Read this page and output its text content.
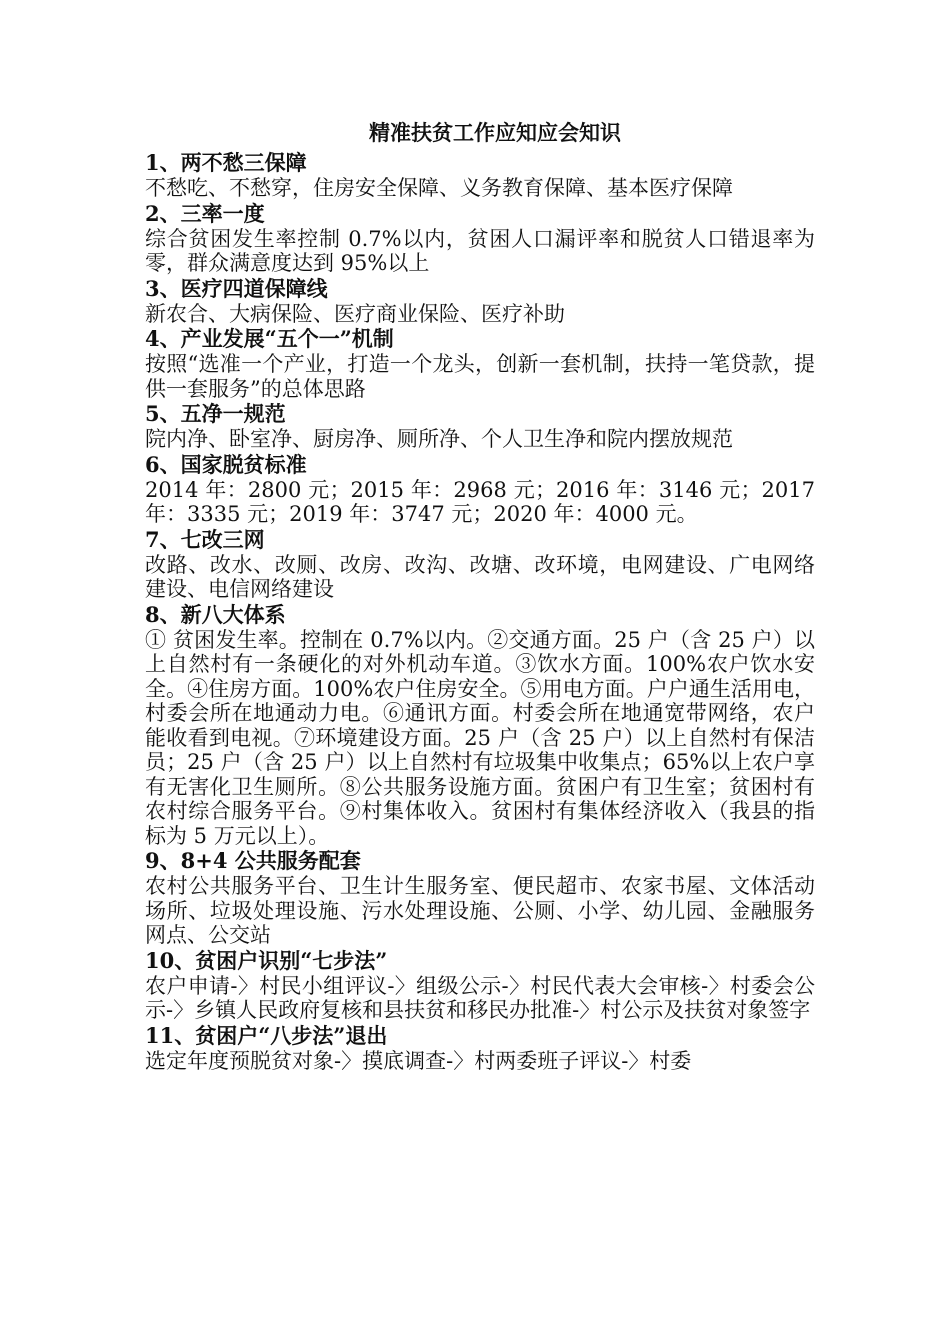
精准扶贫工作应知应会知识
1、两不愁三保障
不愁吃、不愁穿，住房安全保障、义务教育保障、基本医疗保障
2、三率一度
综合贫困发生率控制 0.7%以内，贫困人口漏评率和脱贫人口错退率为零，群众满意度达到 95%以上
3、医疗四道保障线
新农合、大病保险、医疗商业保险、医疗补助
4、产业发展“五个一”机制
按照“选准一个产业，打造一个龙头，创新一套机制，扶持一笔贷款，提供一套服务”的总体思路
5、五净一规范
院内净、卧室净、厨房净、厕所净、个人卫生净和院内摆放规范
6、国家脱贫标准
2014 年：2800 元；2015 年：2968 元；2016 年：3146 元；2017 年：3335 元；2019 年：3747 元；2020 年：4000 元。
7、七改三网
改路、改水、改厕、改房、改沟、改塘、改环境，电网建设、广电网络建设、电信网络建设
8、新八大体系
① 贫困发生率。控制在 0.7%以内。②交通方面。25 户（含 25 户）以上自然村有一条硬化的对外机动车道。③饮水方面。100%农户饮水安全。④住房方面。100%农户住房安全。⑤用电方面。户户通生活用电，村委会所在地通动力电。⑥通讯方面。村委会所在地通宽带网络，农户能收看到电视。⑦环境建设方面。25 户（含 25 户）以上自然村有保洁员；25 户（含 25 户）以上自然村有垃圾集中收集点；65%以上农户享有无害化卫生厕所。⑧公共服务设施方面。贫困户有卫生室；贫困村有农村综合服务平台。⑨村集体收入。贫困村有集体经济收入（我县的指标为 5 万元以上）。
9、8+4 公共服务配套
农村公共服务平台、卫生计生服务室、便民超市、农家书屋、文体活动场所、垃圾处理设施、污水处理设施、公厕、小学、幼儿园、金融服务网点、公交站
10、贫困户识别“七步法”
农户申请-〉村民小组评议-〉组级公示-〉村民代表大会审核-〉村委会公示-〉乡镇人民政府复核和县扶贫和移民办批准-〉村公示及扶贫对象签字
11、贫困户“八步法”退出
选定年度预脱贫对象-〉摸底调查-〉村两委班子评议-〉村委
